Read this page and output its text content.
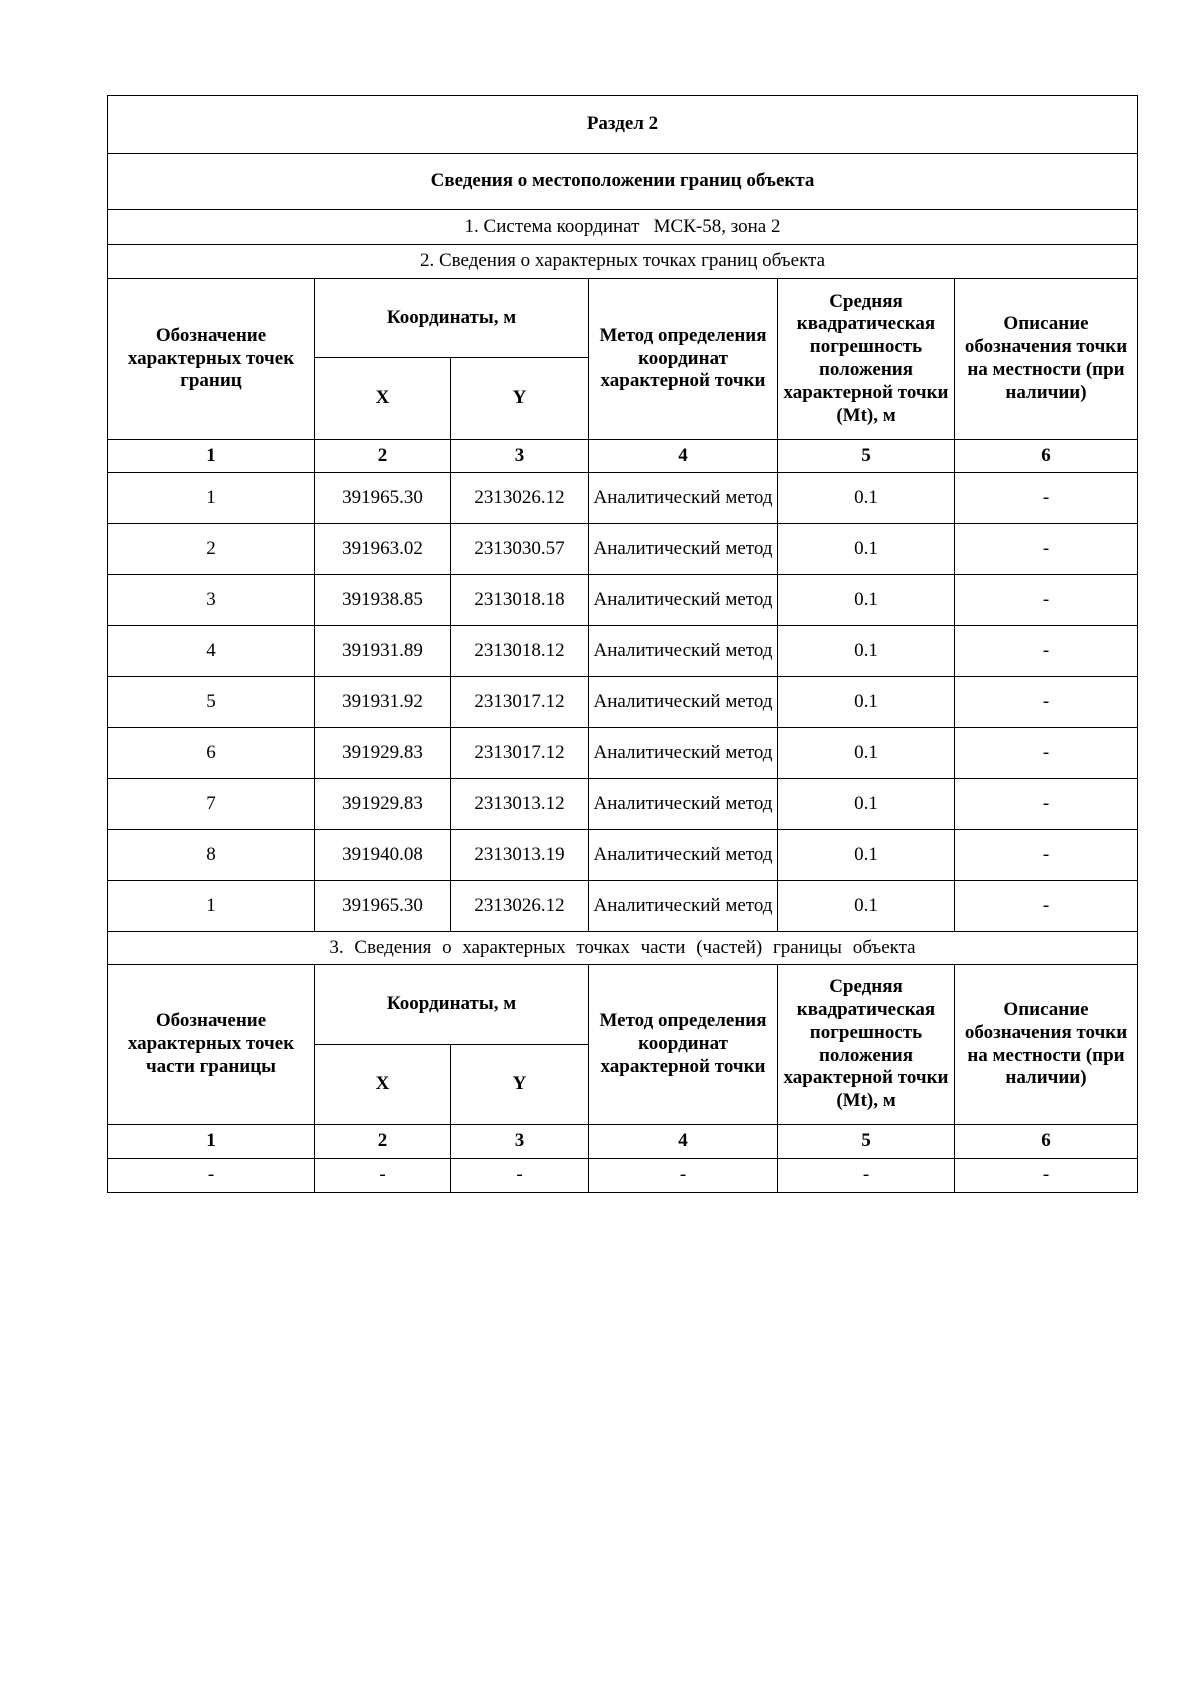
Раздел 2					
Сведения о местоположении границ объекта					
1. Система координат МСК-58, зона 2					
2. Сведения о характерных точках границ объекта					
Обозначение характерных точек границ	Координаты, м		Метод определения координат характерной точки	Средняя квадратическая погрешность положения характерной точки (Mt), м	Описание обозначения точки на местности (при наличии)
	X	Y			
1	2	3	4	5	6
1	391965.30	2313026.12	Аналитический метод	0.1	-
2	391963.02	2313030.57	Аналитический метод	0.1	-
3	391938.85	2313018.18	Аналитический метод	0.1	-
4	391931.89	2313018.12	Аналитический метод	0.1	-
5	391931.92	2313017.12	Аналитический метод	0.1	-
6	391929.83	2313017.12	Аналитический метод	0.1	-
7	391929.83	2313013.12	Аналитический метод	0.1	-
8	391940.08	2313013.19	Аналитический метод	0.1	-
1	391965.30	2313026.12	Аналитический метод	0.1	-
3. Сведения о характерных точках части (частей) границы объекта					
Обозначение характерных точек части границы	Координаты, м		Метод определения координат характерной точки	Средняя квадратическая погрешность положения характерной точки (Mt), м	Описание обозначения точки на местности (при наличии)
	X	Y			
1	2	3	4	5	6
-	-	-	-	-	-
